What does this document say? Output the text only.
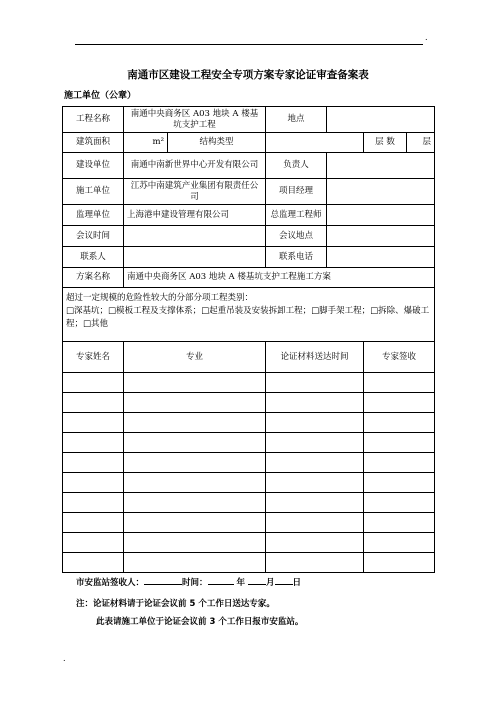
.
南通市区建设工程安全专项方案专家论证审查备案表
施工单位（公章）
工程名称	南通中央商务区 A03 地块 A 楼基坑支护工程		地点			
建筑面积	m²	结构类型			层 数	层
建设单位	南通中南新世界中心开发有限公司		负责人			
施工单位	江苏中南建筑产业集团有限责任公司		项目经理			
监理单位	上海港申建设管理有限公司		总监理工程师			
会议时间			会议地点			
联系人			联系电话			
方案名称	南通中央商务区 A03 地块 A 楼基坑支护工程施工方案					

超过一定规模的危险性较大的分部分项工程类别：
□深基坑；□模板工程及支撑体系；□起重吊装及安装拆卸工程；□脚手架工程；□拆除、爆破工程；□其他						

专家姓名	专业		论证材料送达时间		专家签收	

市安监站签收人：	时间：	年 月 日
注：论证材料请于论证会议前 5 个工作日送达专家。
此表请施工单位于论证会议前 3 个工作日报市安监站。
.
